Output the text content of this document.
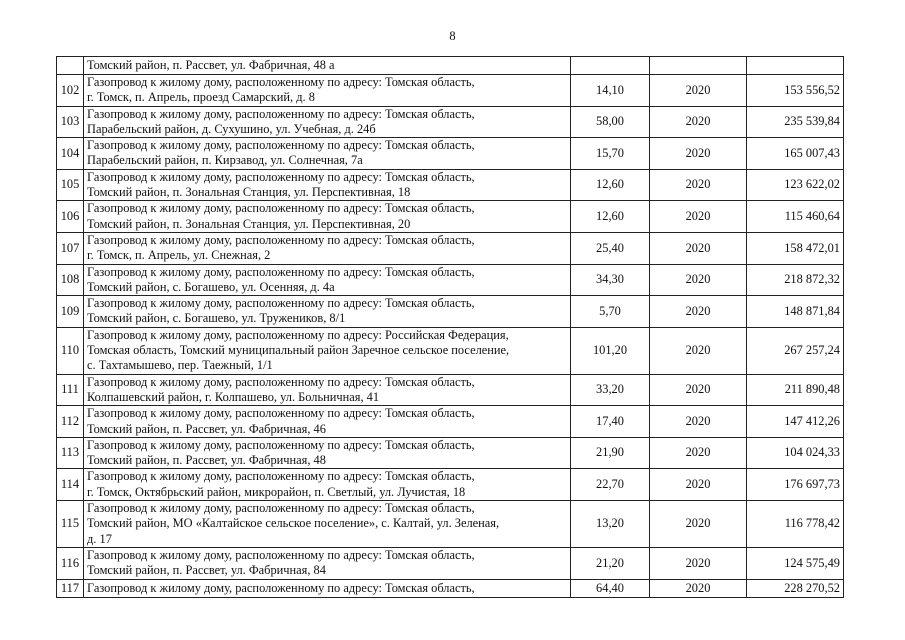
8
	Томский район, п. Рассвет, ул. Фабричная, 48 а			
102	Газопровод к жилому дому, расположенному по адресу: Томская область,
г. Томск, п. Апрель, проезд Самарский, д. 8	14,10	2020	153 556,52
103	Газопровод к жилому дому, расположенному по адресу: Томская область,
Парабельский район, д. Сухушино, ул. Учебная, д. 24б	58,00	2020	235 539,84
104	Газопровод к жилому дому, расположенному по адресу: Томская область,
Парабельский район, п. Кирзавод, ул. Солнечная, 7а	15,70	2020	165 007,43
105	Газопровод к жилому дому, расположенному по адресу: Томская область,
Томский район, п. Зональная Станция, ул. Перспективная, 18	12,60	2020	123 622,02
106	Газопровод к жилому дому, расположенному по адресу: Томская область,
Томский район, п. Зональная Станция, ул. Перспективная, 20	12,60	2020	115 460,64
107	Газопровод к жилому дому, расположенному по адресу: Томская область,
г. Томск, п. Апрель, ул. Снежная, 2	25,40	2020	158 472,01
108	Газопровод к жилому дому, расположенному по адресу: Томская область,
Томский район, с. Богашево, ул. Осенняя, д. 4а	34,30	2020	218 872,32
109	Газопровод к жилому дому, расположенному по адресу: Томская область,
Томский район, с. Богашево, ул. Тружеников, 8/1	5,70	2020	148 871,84
110	Газопровод к жилому дому, расположенному по адресу: Российская Федерация,
Томская область, Томский муниципальный район Заречное сельское поселение,
с. Тахтамышево, пер. Таежный, 1/1	101,20	2020	267 257,24
111	Газопровод к жилому дому, расположенному по адресу: Томская область,
Колпашевский район, г. Колпашево, ул. Больничная, 41	33,20	2020	211 890,48
112	Газопровод к жилому дому, расположенному по адресу: Томская область,
Томский район, п. Рассвет, ул. Фабричная, 46	17,40	2020	147 412,26
113	Газопровод к жилому дому, расположенному по адресу: Томская область,
Томский район, п. Рассвет, ул. Фабричная, 48	21,90	2020	104 024,33
114	Газопровод к жилому дому, расположенному по адресу: Томская область,
г. Томск, Октябрьский район, микрорайон, п. Светлый, ул. Лучистая, 18	22,70	2020	176 697,73
115	Газопровод к жилому дому, расположенному по адресу: Томская область,
Томский район, МО «Калтайское сельское поселение», с. Калтай, ул. Зеленая,
д. 17	13,20	2020	116 778,42
116	Газопровод к жилому дому, расположенному по адресу: Томская область,
Томский район, п. Рассвет, ул. Фабричная, 84	21,20	2020	124 575,49
117	Газопровод к жилому дому, расположенному по адресу: Томская область,	64,40	2020	228 270,52
